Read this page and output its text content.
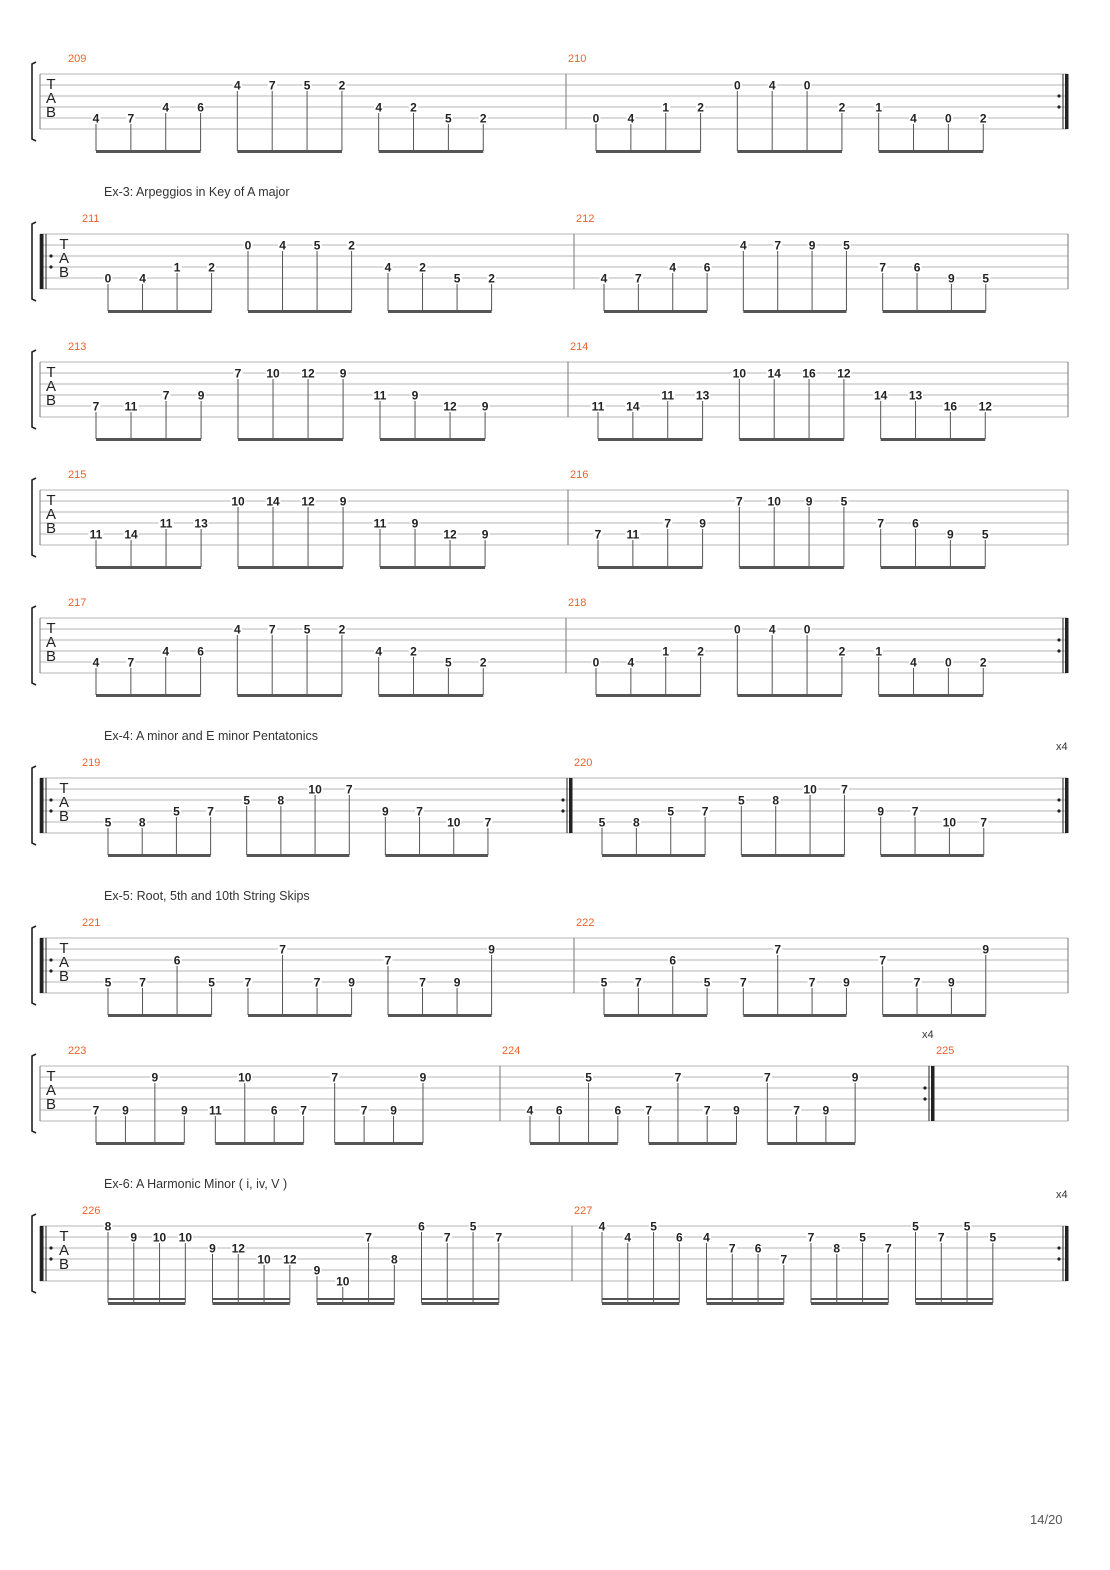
T
A
B
209
4 7
4 6
4 7 5 2
4 2
5 2
210
0 4
1 2
0 4 0
2	1
4 0 2
Ex-3: Arpeggios in Key of A major
T
A
B
211
0 4
1 2
0 4 5 2
4 2
5 2
212
4 7
4 6
4 7 9 5
7 6
9 5
T
A
B
213
7 11
7 9
7 10 12 9
11 9
12 9
214
11 14
11 13
10 14 16 12
14 13
16 12
T
A
B
215
11 14
11 13
10 14 12 9
11 9
12 9
216
7 11
7 9
7 10 9 5
7 6
9 5
T
A
B
217
4 7
4 6
4 7 5 2
4 2
5 2
218
0 4
1 2
0 4 0
2	1
4 0 2
Ex-4: A minor and E minor Pentatonics
T
A
B
219
5 8
5 7
5 8
10 7
9 7
10 7
220
x4
5 8
5 7
5 8
10 7
9 7
10 7
Ex-5: Root, 5th and 10th String Skips
T
A
B
221
5 7
6
5 7
7
7 9
7
7 9
9
222
5 7
6
5 7
7
7 9
7
7 9
9
T
A
B
223
7 9
9
9 11
10
6 7
7
7 9
9
224
x4
4 6
5
6 7
7
7 9
7
7 9
9
225
Ex-6: A Harmonic Minor ( i, iv, V )
T
A
B
226
8
9 10 10
9 12
10 12
9
10
7
8
6
7
5
7
227
x4
4
4
5
6 4
7 6
7
7
8
5
7
5
7
5
5
14/20
